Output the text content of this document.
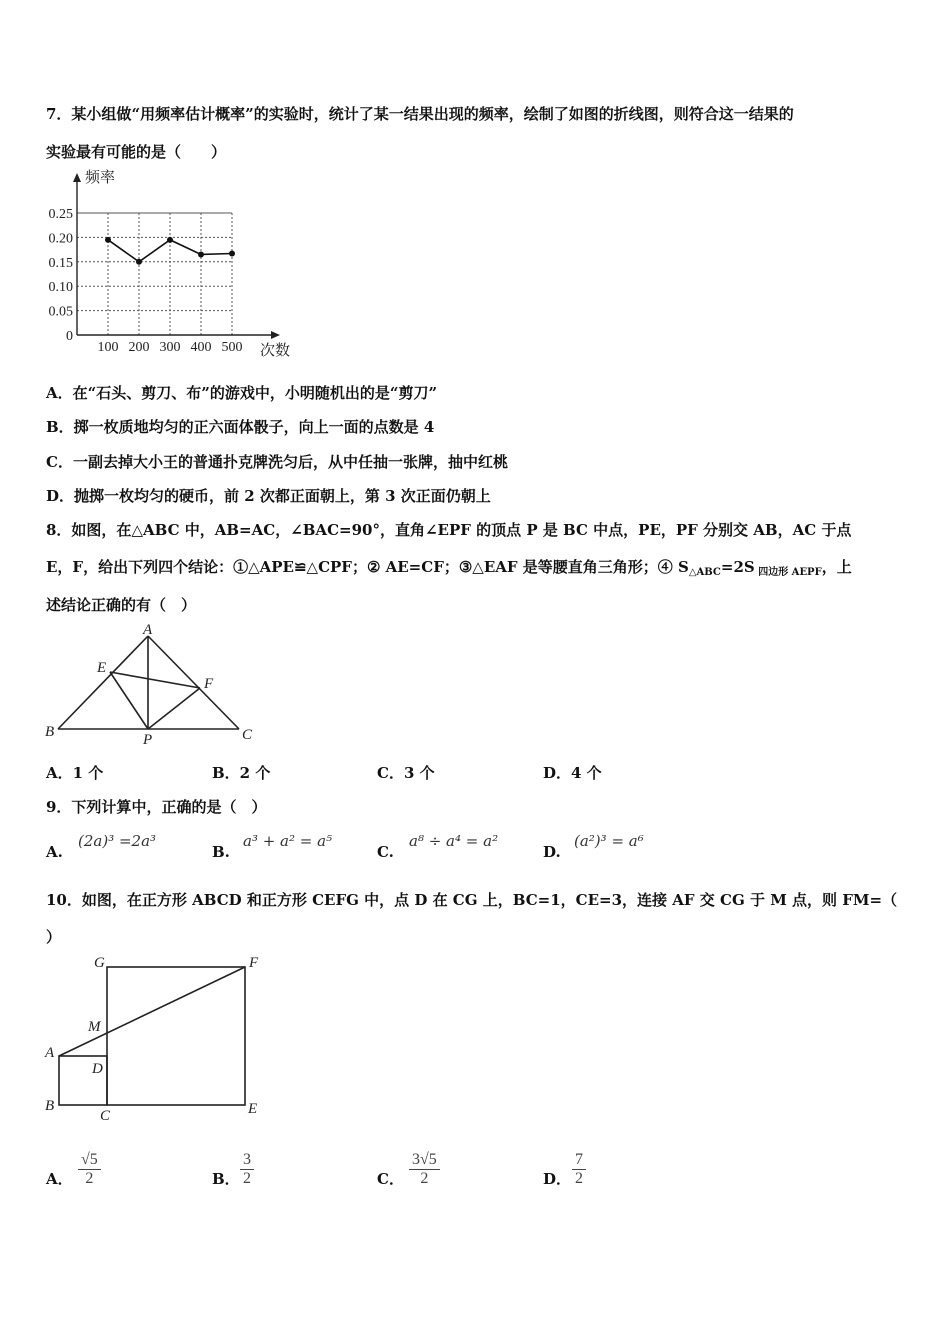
7．某小组做“用频率估计概率”的实验时，统计了某一结果出现的频率，绘制了如图的折线图，则符合这一结果的
实验最有可能的是（　　）
0.25
0.20
0.15
0.10
0.05
0
100 200 300 400 500
频率
次数
A．在“石头、剪刀、布”的游戏中，小明随机出的是“剪刀”
B．掷一枚质地均匀的正六面体骰子，向上一面的点数是 4
C．一副去掉大小王的普通扑克牌洗匀后，从中任抽一张牌，抽中红桃
D．抛掷一枚均匀的硬币，前 2 次都正面朝上，第 3 次正面仍朝上
8．如图，在△ABC 中，AB=AC，∠BAC=90°，直角∠EPF 的顶点 P 是 BC 中点，PE，PF 分别交 AB，AC 于点
E，F，给出下列四个结论：①△APE≌△CPF；② AE=CF；③△EAF 是等腰直角三角形；④ $S_{\triangle ABC}=2S$ $_{四边形 AEPF}$，上
述结论正确的有（　）
A
E
F
B	P	C
A．1 个	B．2 个	C．3 个	D．4 个
9．下列计算中，正确的是（　）
A.
(2a)³ =2a³
B.
a³ + a² = a⁵
C.
a⁸ ÷ a⁴ = a²
D.
(a²)³ = a⁶
10．如图，在正方形 ABCD 和正方形 CEFG 中，点 D 在 CG 上，BC=1，CE=3，连接 AF 交 CG 于 M 点，则 FM=（
）
G	F
M
A
D
B
C	E
A． $\frac{√5}{2}$	B． $\frac{3}{2}$	C． $\frac{3√5}{2}$	D． $\frac{7}{2}$
